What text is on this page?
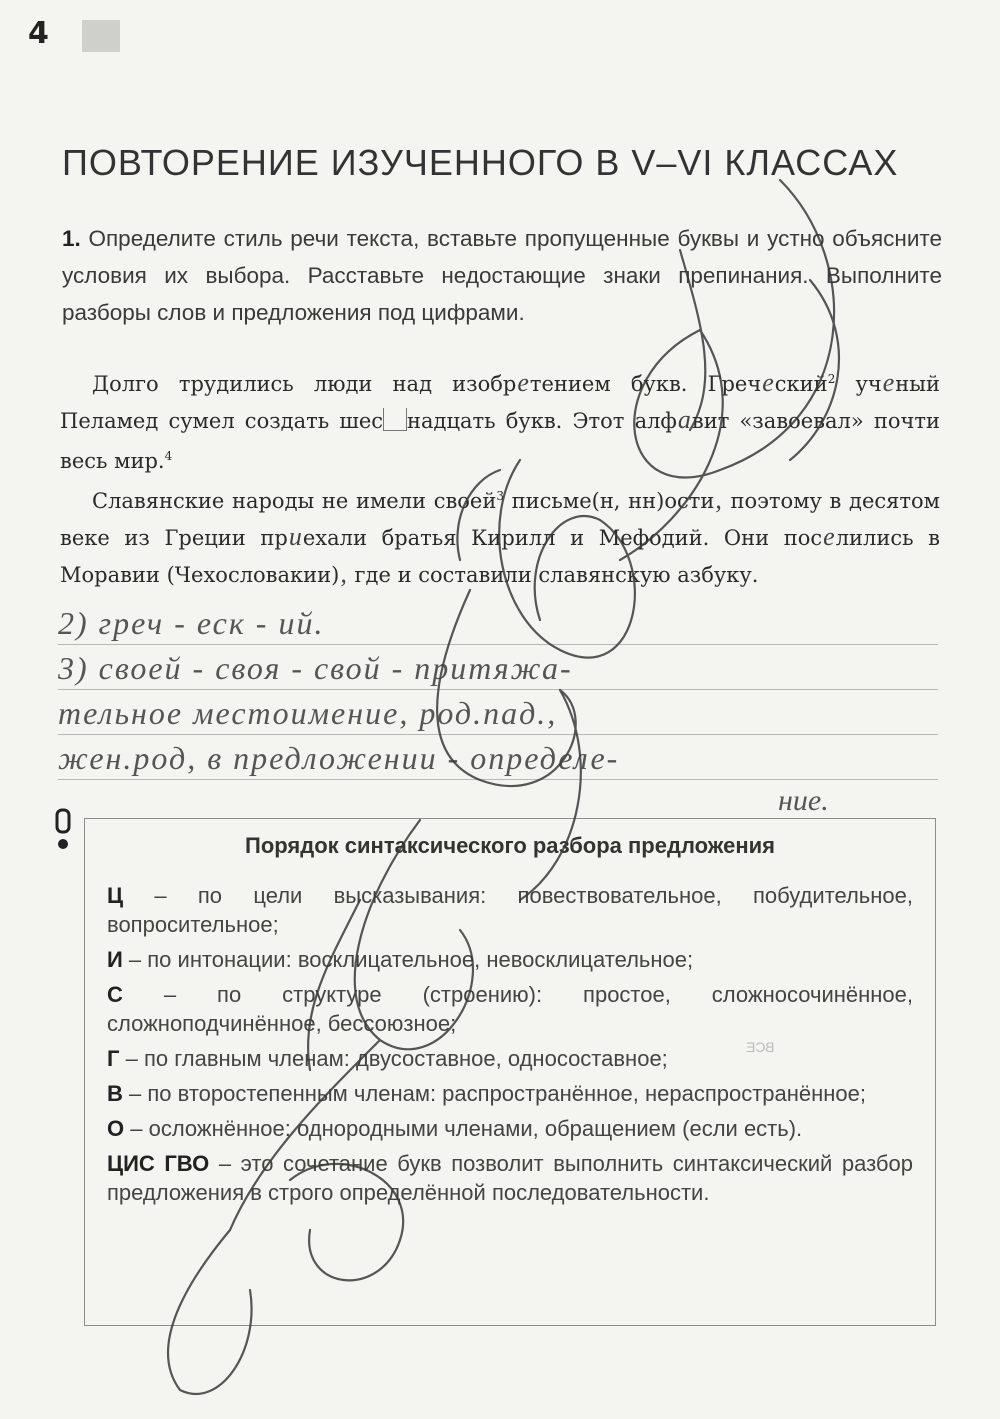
4
ПОВТОРЕНИЕ ИЗУЧЕННОГО В V–VI КЛАССАХ
1. Определите стиль речи текста, вставьте пропущенные буквы и устно объясните условия их выбора. Расставьте недостающие знаки препинания. Выполните разборы слов и предложения под цифрами.

Долго трудились люди над изобретением букв. Греческий$^2$ ученый Пеламед сумел создать шес надцать букв. Этот алфавит «завоевал» почти весь мир.$^4$

Славянские народы не имели своей$^3$ письме(н, нн)ости, поэтому в десятом веке из Греции приехали братья Кирилл и Мефодий. Они поселились в Моравии (Чехословакии), где и составили славянскую азбуку.

2) греч - еск - ий.
3) своей - своя - свой - притяжа-
тельное местоимение, род.пад.,
жен.род, в предложении - определе-
ние.
Порядок синтаксического разбора предложения
Ц – по цели высказывания: повествовательное, побудительное, вопросительное;
И – по интонации: восклицательное, невосклицательное;
С – по структуре (строению): простое, сложносочинённое, сложноподчинённое, бессоюзное;
Г – по главным членам: двусоставное, односоставное;
В – по второстепенным членам: распространённое, нераспространённое;
О – осложнённое: однородными членами, обращением (если есть).
ЦИС ГВО – это сочетание букв позволит выполнить синтаксический разбор предложения в строго определённой последовательности.
ВСЕ
